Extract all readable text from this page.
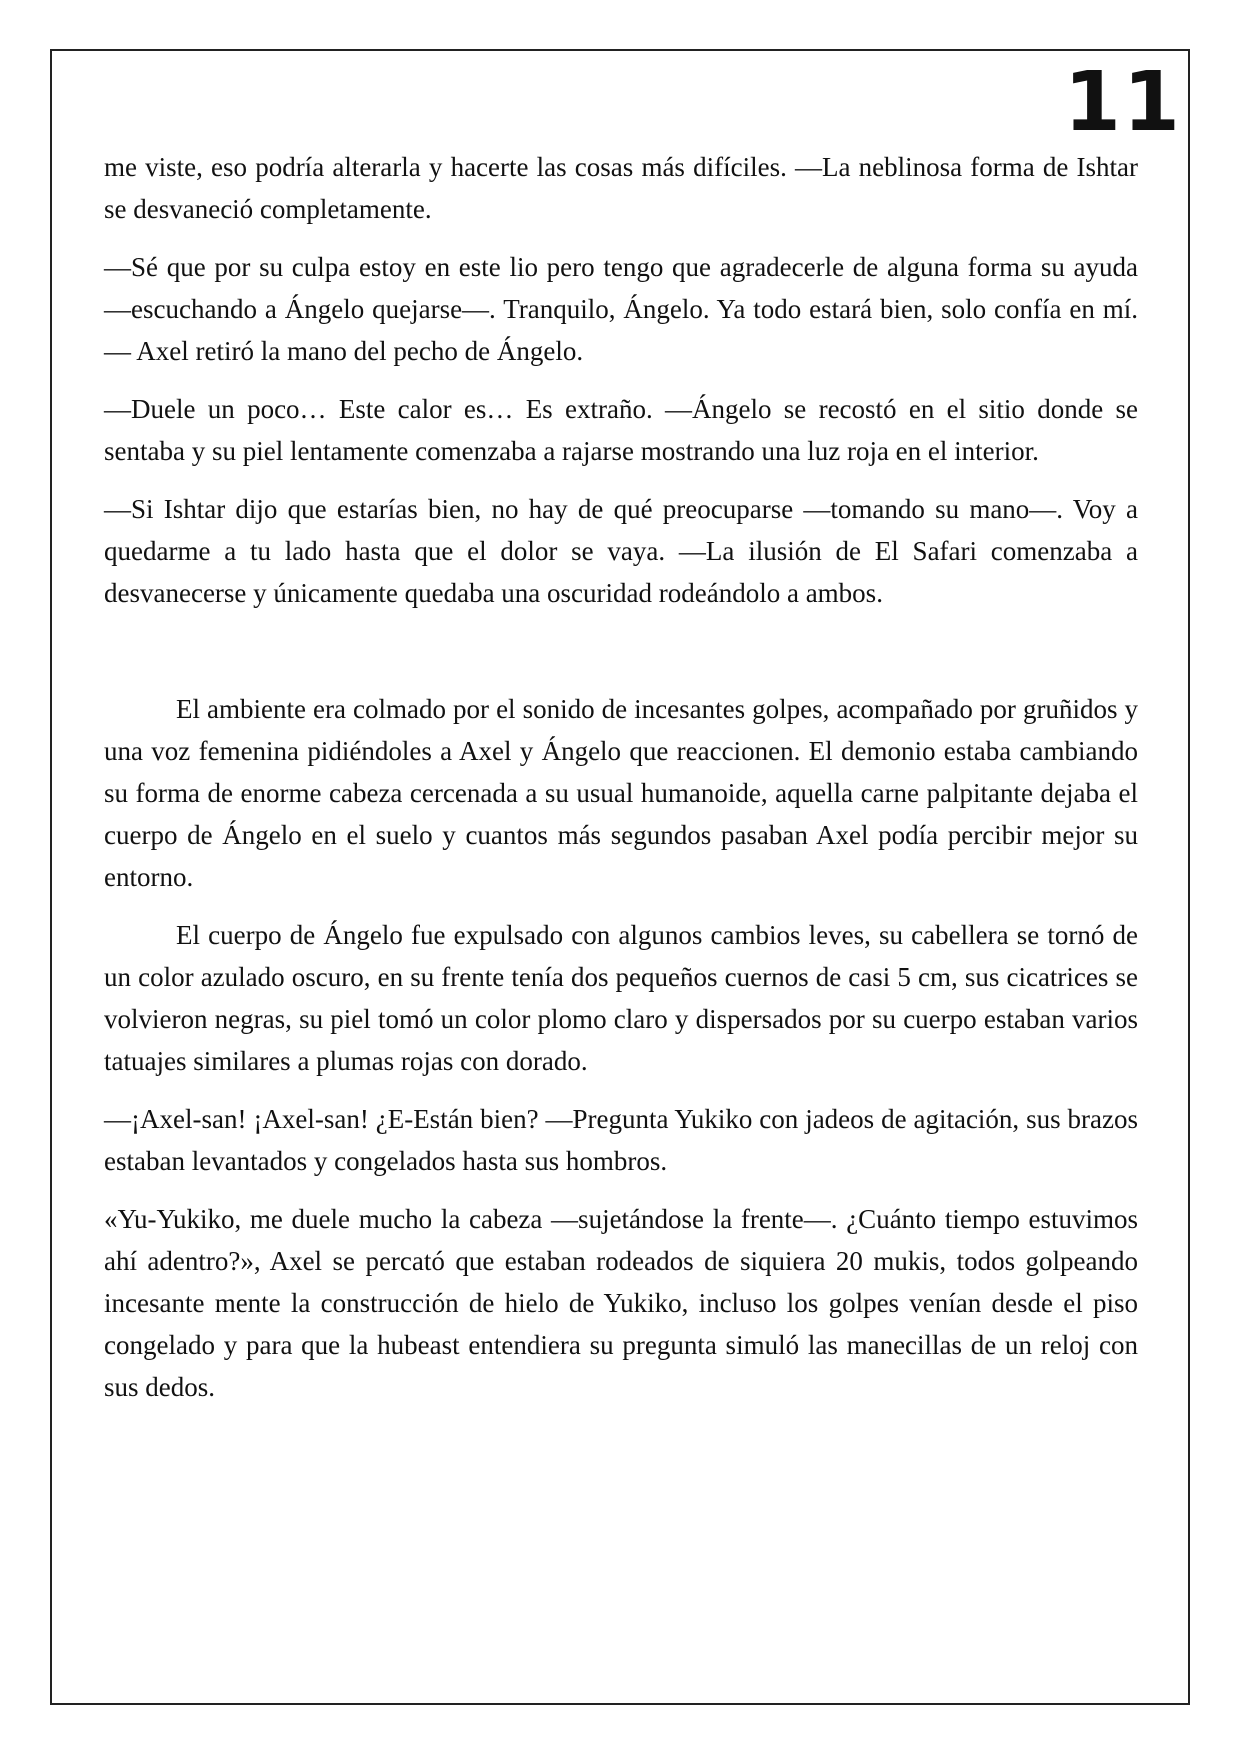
11

me viste, eso podría alterarla y hacerte las cosas más difíciles. —La neblinosa forma de Ishtar se desvaneció completamente.

—Sé que por su culpa estoy en este lio pero tengo que agradecerle de alguna forma su ayuda —escuchando a Ángelo quejarse—. Tranquilo, Ángelo. Ya todo estará bien, solo confía en mí. — Axel retiró la mano del pecho de Ángelo.

—Duele un poco… Este calor es… Es extraño. —Ángelo se recostó en el sitio donde se sentaba y su piel lentamente comenzaba a rajarse mostrando una luz roja en el interior.

—Si Ishtar dijo que estarías bien, no hay de qué preocuparse —tomando su mano—. Voy a quedarme a tu lado hasta que el dolor se vaya. —La ilusión de El Safari comenzaba a desvanecerse y únicamente quedaba una oscuridad rodeándolo a ambos.

El ambiente era colmado por el sonido de incesantes golpes, acompañado por gruñidos y una voz femenina pidiéndoles a Axel y Ángelo que reaccionen. El demonio estaba cambiando su forma de enorme cabeza cercenada a su usual humanoide, aquella carne palpitante dejaba el cuerpo de Ángelo en el suelo y cuantos más segundos pasaban Axel podía percibir mejor su entorno.

El cuerpo de Ángelo fue expulsado con algunos cambios leves, su cabellera se tornó de un color azulado oscuro, en su frente tenía dos pequeños cuernos de casi 5 cm, sus cicatrices se volvieron negras, su piel tomó un color plomo claro y dispersados por su cuerpo estaban varios tatuajes similares a plumas rojas con dorado.

—¡Axel-san! ¡Axel-san! ¿E-Están bien? —Pregunta Yukiko con jadeos de agitación, sus brazos estaban levantados y congelados hasta sus hombros.

«Yu-Yukiko, me duele mucho la cabeza —sujetándose la frente—. ¿Cuánto tiempo estuvimos ahí adentro?», Axel se percató que estaban rodeados de siquiera 20 mukis, todos golpeando incesante mente la construcción de hielo de Yukiko, incluso los golpes venían desde el piso congelado y para que la hubeast entendiera su pregunta simuló las manecillas de un reloj con sus dedos.
